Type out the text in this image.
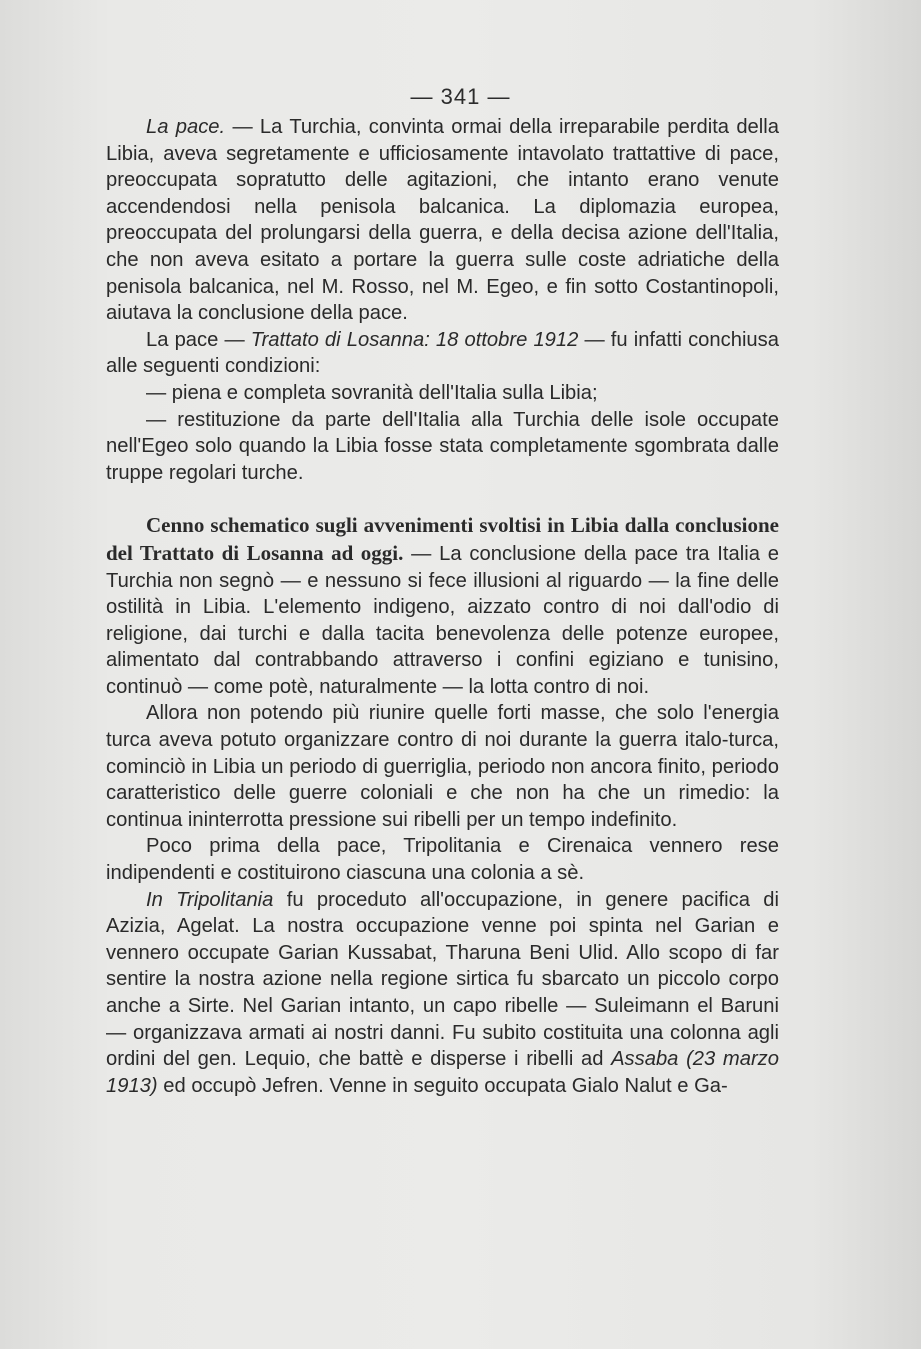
— 341 —

La pace. — La Turchia, convinta ormai della irreparabile perdita della Libia, aveva segretamente e ufficiosamente intavolato trattattive di pace, preoccupata sopratutto delle agitazioni, che intanto erano venute accendendosi nella penisola balcanica. La diplomazia europea, preoccupata del prolungarsi della guerra, e della decisa azione dell'Italia, che non aveva esitato a portare la guerra sulle coste adriatiche della penisola balcanica, nel M. Rosso, nel M. Egeo, e fin sotto Costantinopoli, aiutava la conclusione della pace.

La pace — Trattato di Losanna: 18 ottobre 1912 — fu infatti conchiusa alle seguenti condizioni:

— piena e completa sovranità dell'Italia sulla Libia;

— restituzione da parte dell'Italia alla Turchia delle isole occupate nell'Egeo solo quando la Libia fosse stata completamente sgombrata dalle truppe regolari turche.

Cenno schematico sugli avvenimenti svoltisi in Libia dalla conclusione del Trattato di Losanna ad oggi. — La conclusione della pace tra Italia e Turchia non segnò — e nessuno si fece illusioni al riguardo — la fine delle ostilità in Libia. L'elemento indigeno, aizzato contro di noi dall'odio di religione, dai turchi e dalla tacita benevolenza delle potenze europee, alimentato dal contrabbando attraverso i confini egiziano e tunisino, continuò — come potè, naturalmente — la lotta contro di noi.

Allora non potendo più riunire quelle forti masse, che solo l'energia turca aveva potuto organizzare contro di noi durante la guerra italo-turca, cominciò in Libia un periodo di guerriglia, periodo non ancora finito, periodo caratteristico delle guerre coloniali e che non ha che un rimedio: la continua ininterrotta pressione sui ribelli per un tempo indefinito.

Poco prima della pace, Tripolitania e Cirenaica vennero rese indipendenti e costituirono ciascuna una colonia a sè.

In Tripolitania fu proceduto all'occupazione, in genere pacifica di Azizia, Agelat. La nostra occupazione venne poi spinta nel Garian e vennero occupate Garian Kussabat, Tharuna Beni Ulid. Allo scopo di far sentire la nostra azione nella regione sirtica fu sbarcato un piccolo corpo anche a Sirte. Nel Garian intanto, un capo ribelle — Suleimann el Baruni — organizzava armati ai nostri danni. Fu subito costituita una colonna agli ordini del gen. Lequio, che battè e disperse i ribelli ad Assaba (23 marzo 1913) ed occupò Jefren. Venne in seguito occupata Gialo Nalut e Ga-
